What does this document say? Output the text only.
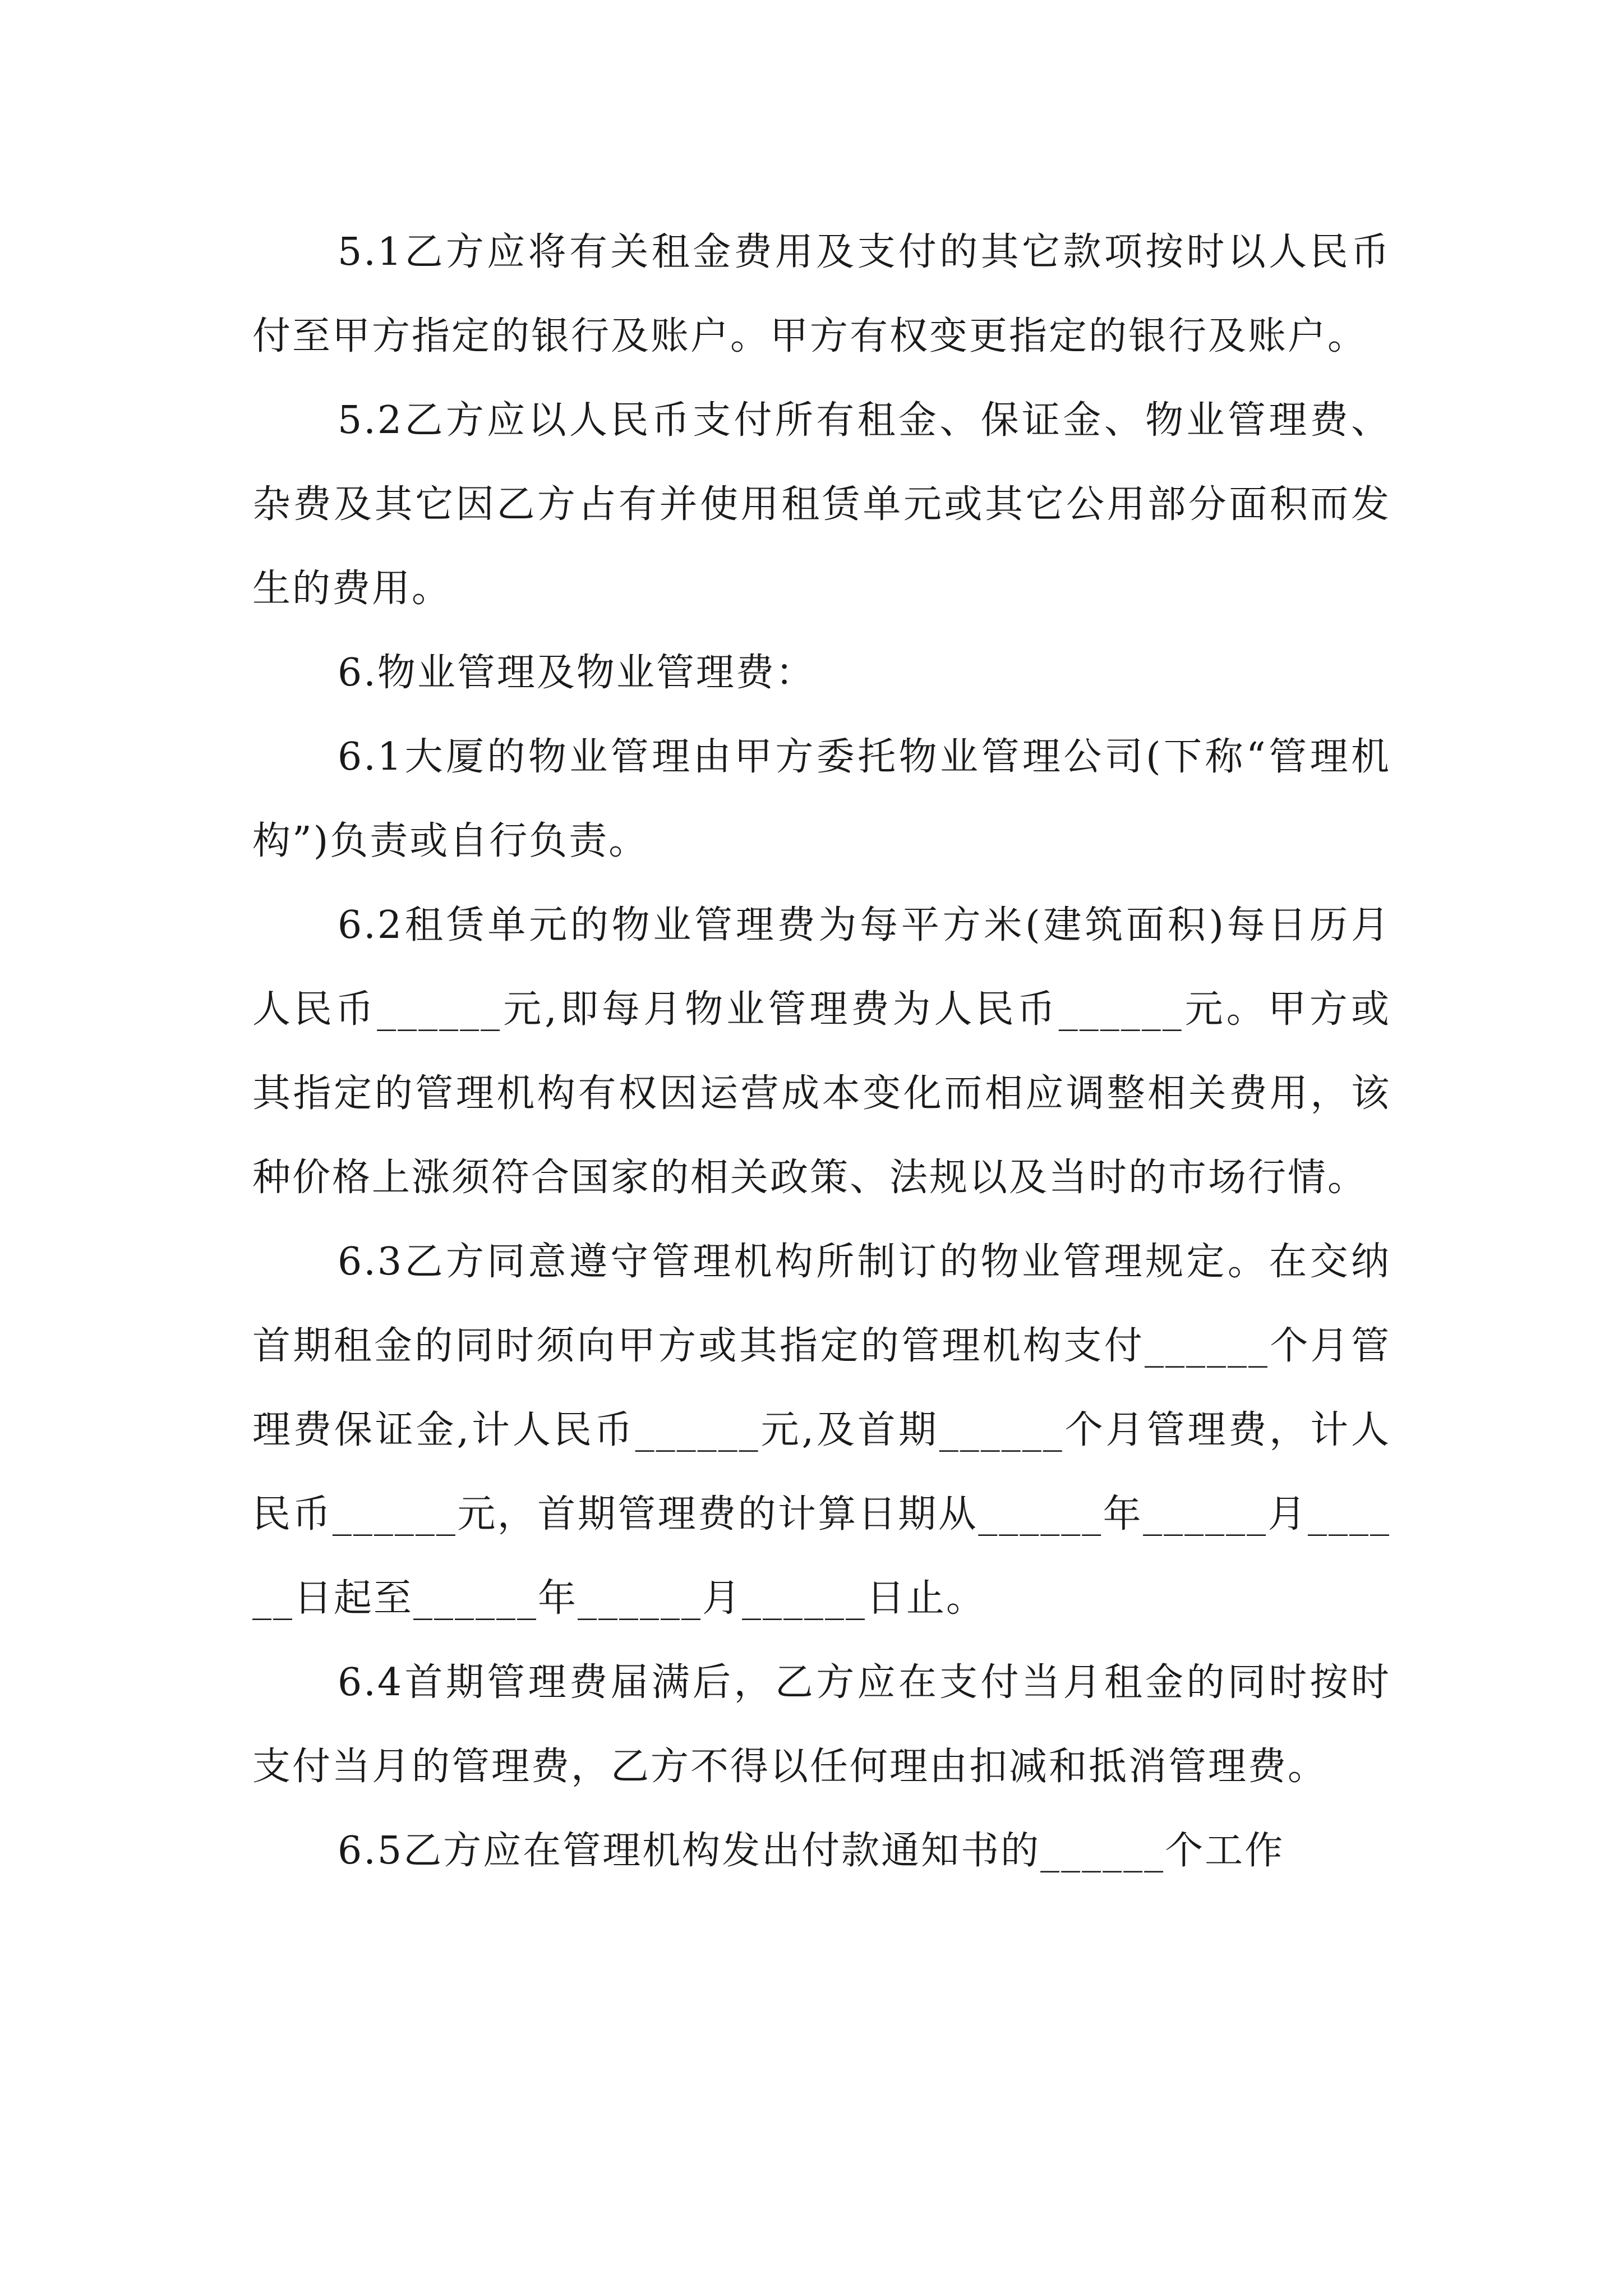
5.1乙方应将有关租金费用及支付的其它款项按时以人民币付至甲方指定的银行及账户。甲方有权变更指定的银行及账户。

5.2乙方应以人民币支付所有租金、保证金、物业管理费、杂费及其它因乙方占有并使用租赁单元或其它公用部分面积而发生的费用。

6.物业管理及物业管理费：

6.1大厦的物业管理由甲方委托物业管理公司(下称“管理机构”)负责或自行负责。

6.2租赁单元的物业管理费为每平方米(建筑面积)每日历月人民币______元,即每月物业管理费为人民币______元。甲方或其指定的管理机构有权因运营成本变化而相应调整相关费用，该种价格上涨须符合国家的相关政策、法规以及当时的市场行情。

6.3乙方同意遵守管理机构所制订的物业管理规定。在交纳首期租金的同时须向甲方或其指定的管理机构支付______个月管理费保证金,计人民币______元,及首期______个月管理费，计人民币______元，首期管理费的计算日期从______年______月______日起至______年______月______日止。

6.4首期管理费届满后，乙方应在支付当月租金的同时按时支付当月的管理费，乙方不得以任何理由扣减和抵消管理费。

6.5乙方应在管理机构发出付款通知书的______个工作
